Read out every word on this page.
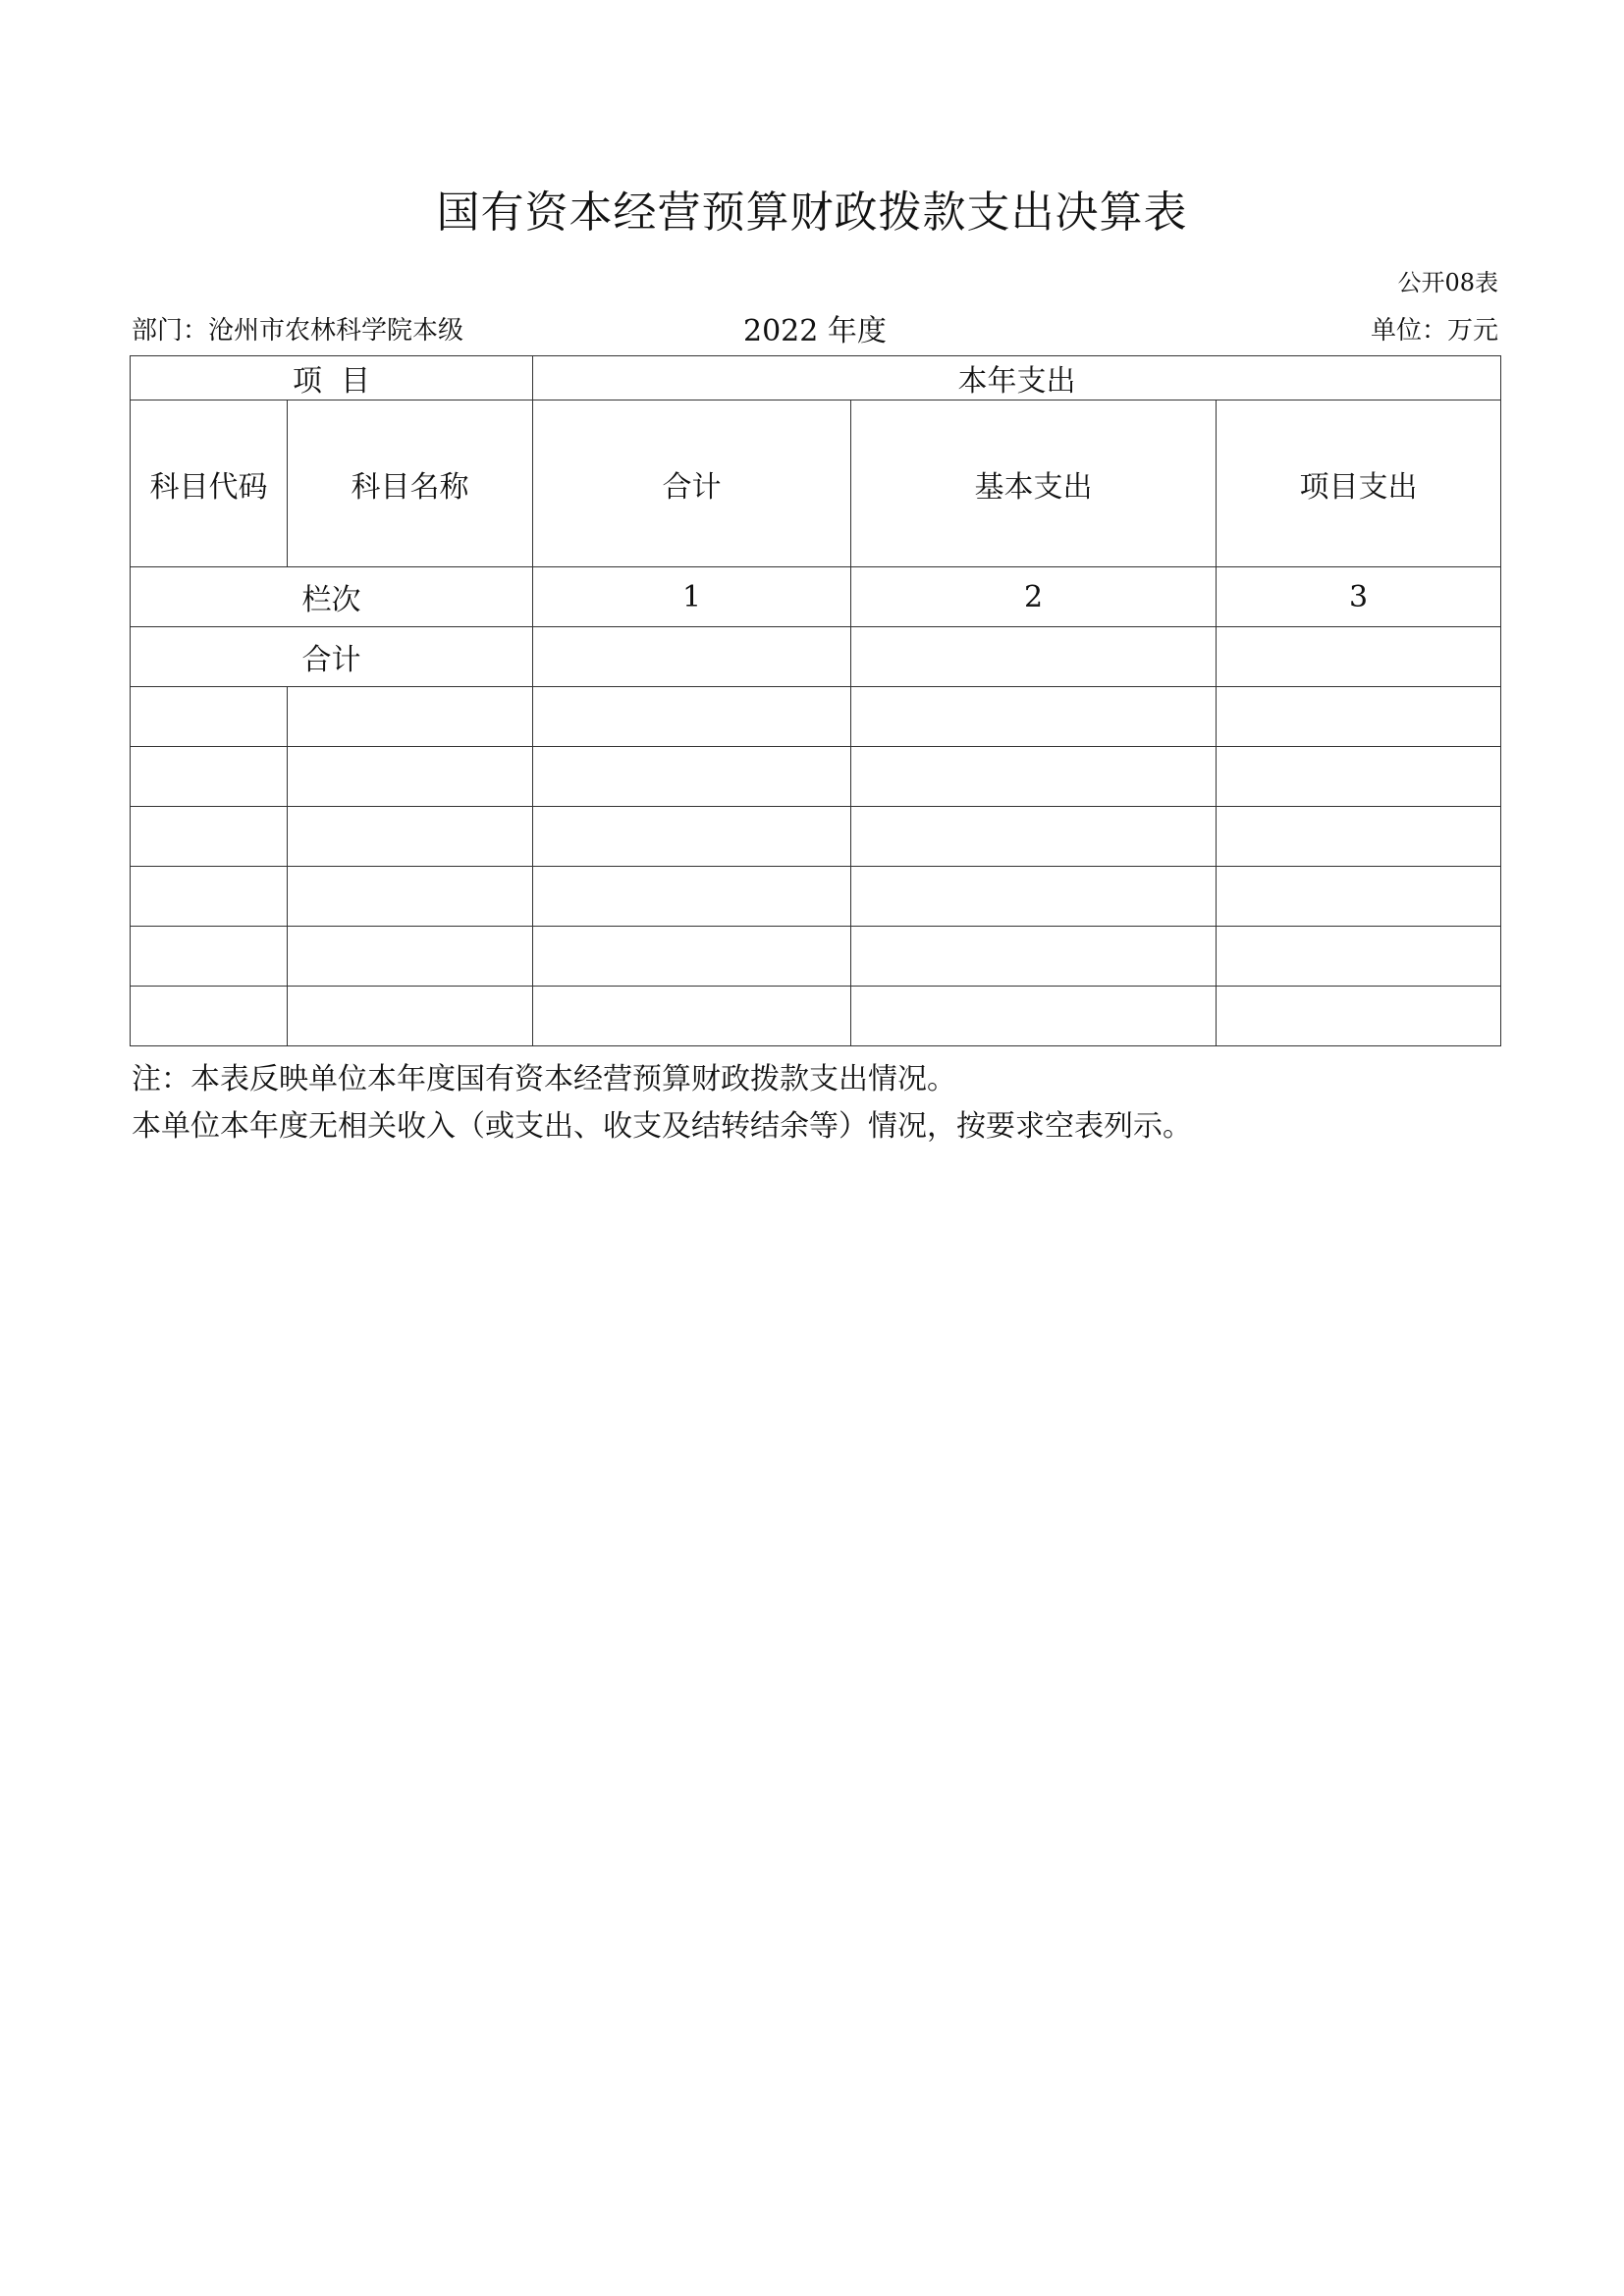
国有资本经营预算财政拨款支出决算表
公开08表
部门：沧州市农林科学院本级	2022 年度	单位：万元
项  目		本年支出		
科目代码	科目名称	合计	基本支出	项目支出
栏次		1	2	3
合计				

注：本表反映单位本年度国有资本经营预算财政拨款支出情况。
本单位本年度无相关收入（或支出、收支及结转结余等）情况，按要求空表列示。
